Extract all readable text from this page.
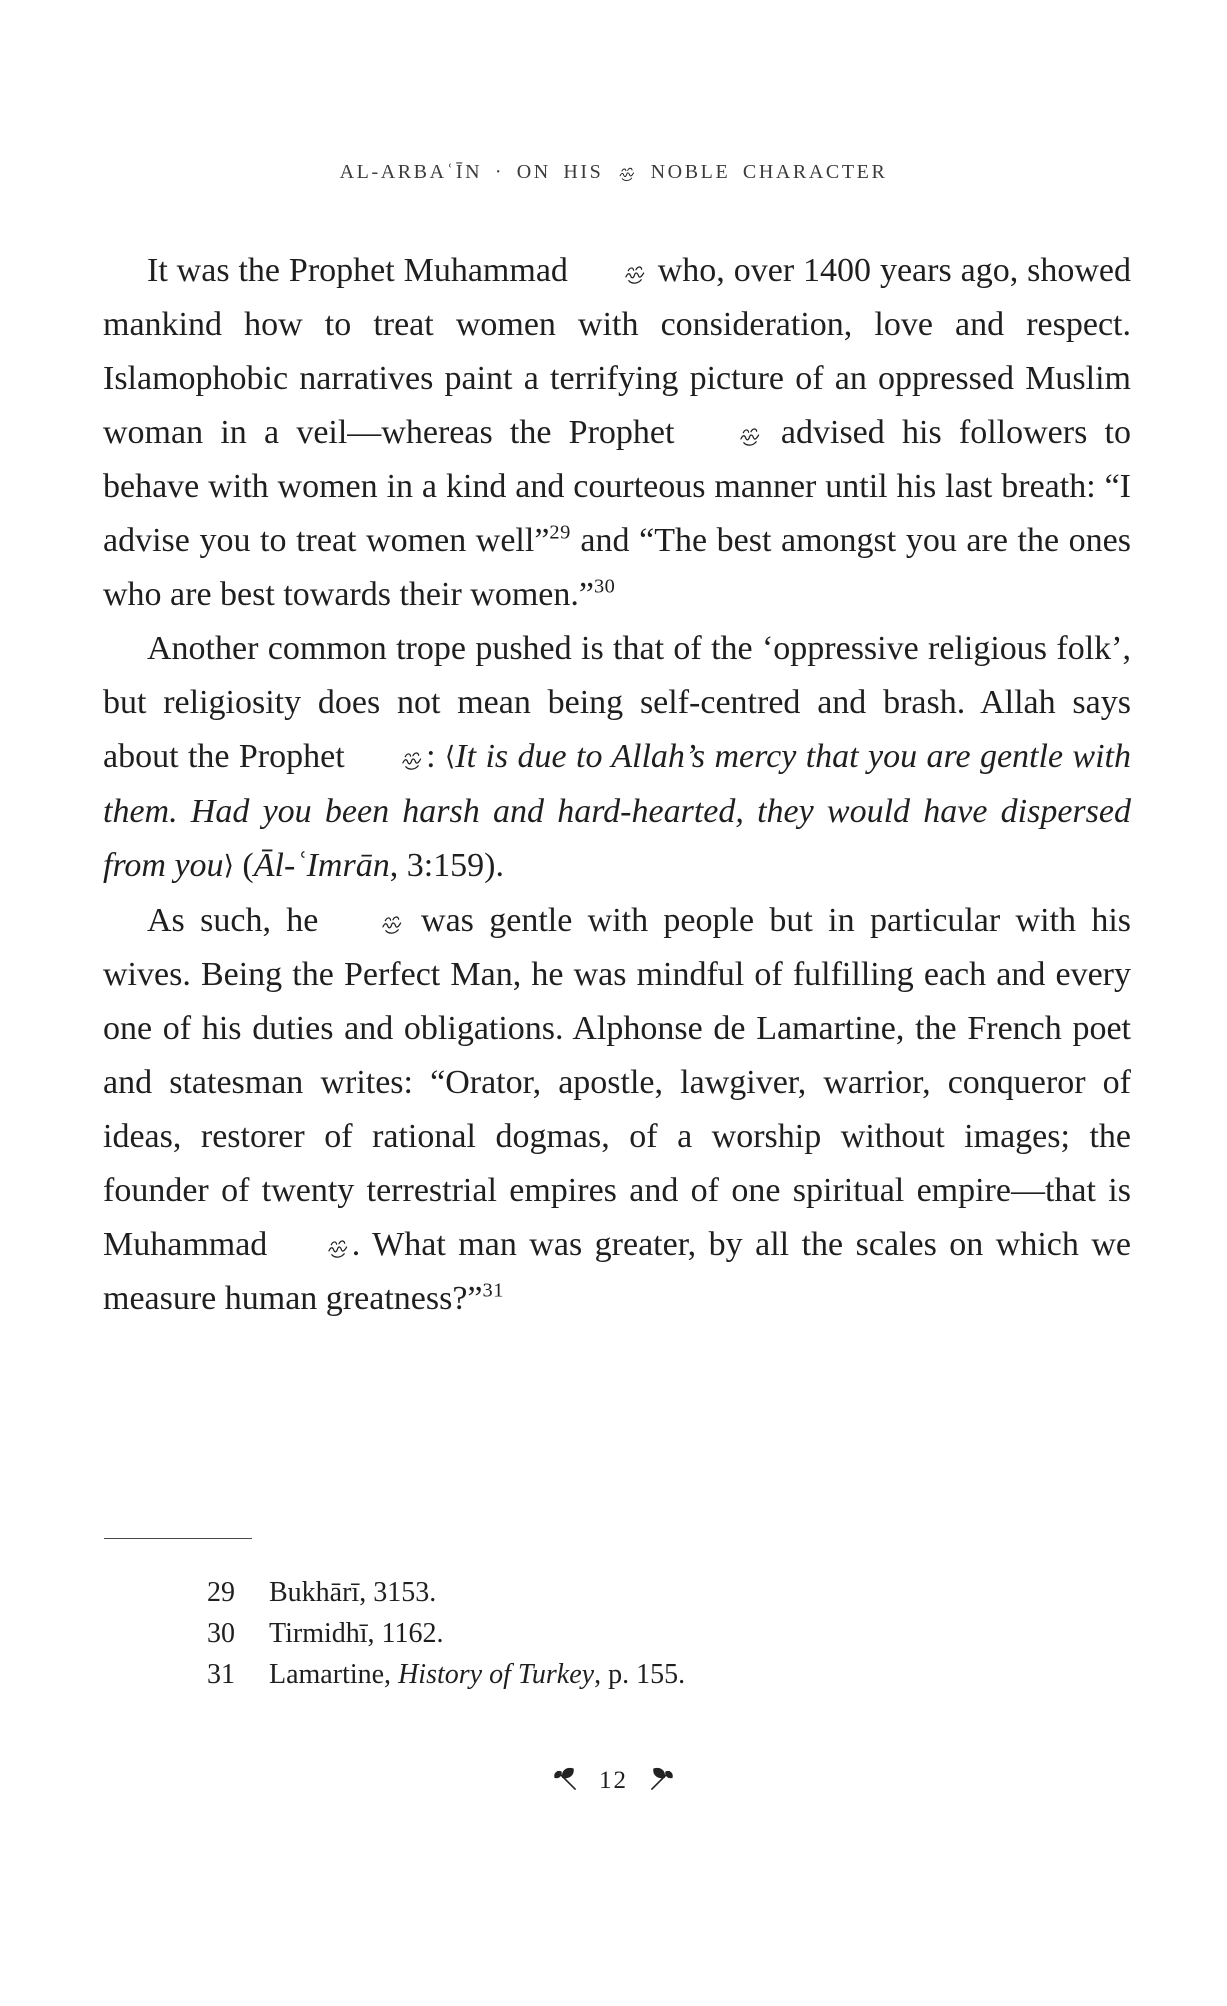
AL-ARBAʿĪN · ON HIS  NOBLE CHARACTER

It was the Prophet Muhammad  who, over 1400 years ago, showed mankind how to treat women with consideration, love and respect. Islamophobic narratives paint a terrifying picture of an oppressed Muslim woman in a veil—whereas the Prophet  advised his followers to behave with women in a kind and courteous manner until his last breath: “I advise you to treat women well”$^{29}$ and “The best amongst you are the ones who are best towards their women.”$^{30}$

Another common trope pushed is that of the ‘oppressive religious folk’, but religiosity does not mean being self-centred and brash. Allah says about the Prophet : ⟨It is due to Allah’s mercy that you are gentle with them. Had you been harsh and hard-hearted, they would have dispersed from you⟩ (Āl-ʿImrān, 3:159).

As such, he  was gentle with people but in particular with his wives. Being the Perfect Man, he was mindful of fulfilling each and every one of his duties and obligations. Alphonse de Lamartine, the French poet and statesman writes: “Orator, apostle, lawgiver, warrior, conqueror of ideas, restorer of rational dogmas, of a worship without images; the founder of twenty terrestrial empires and of one spiritual empire—that is Muhammad . What man was greater, by all the scales on which we measure human greatness?”$^{31}$

29 Bukhārī, 3153.
30 Tirmidhī, 1162.
31 Lamartine, History of Turkey, p. 155.
12
